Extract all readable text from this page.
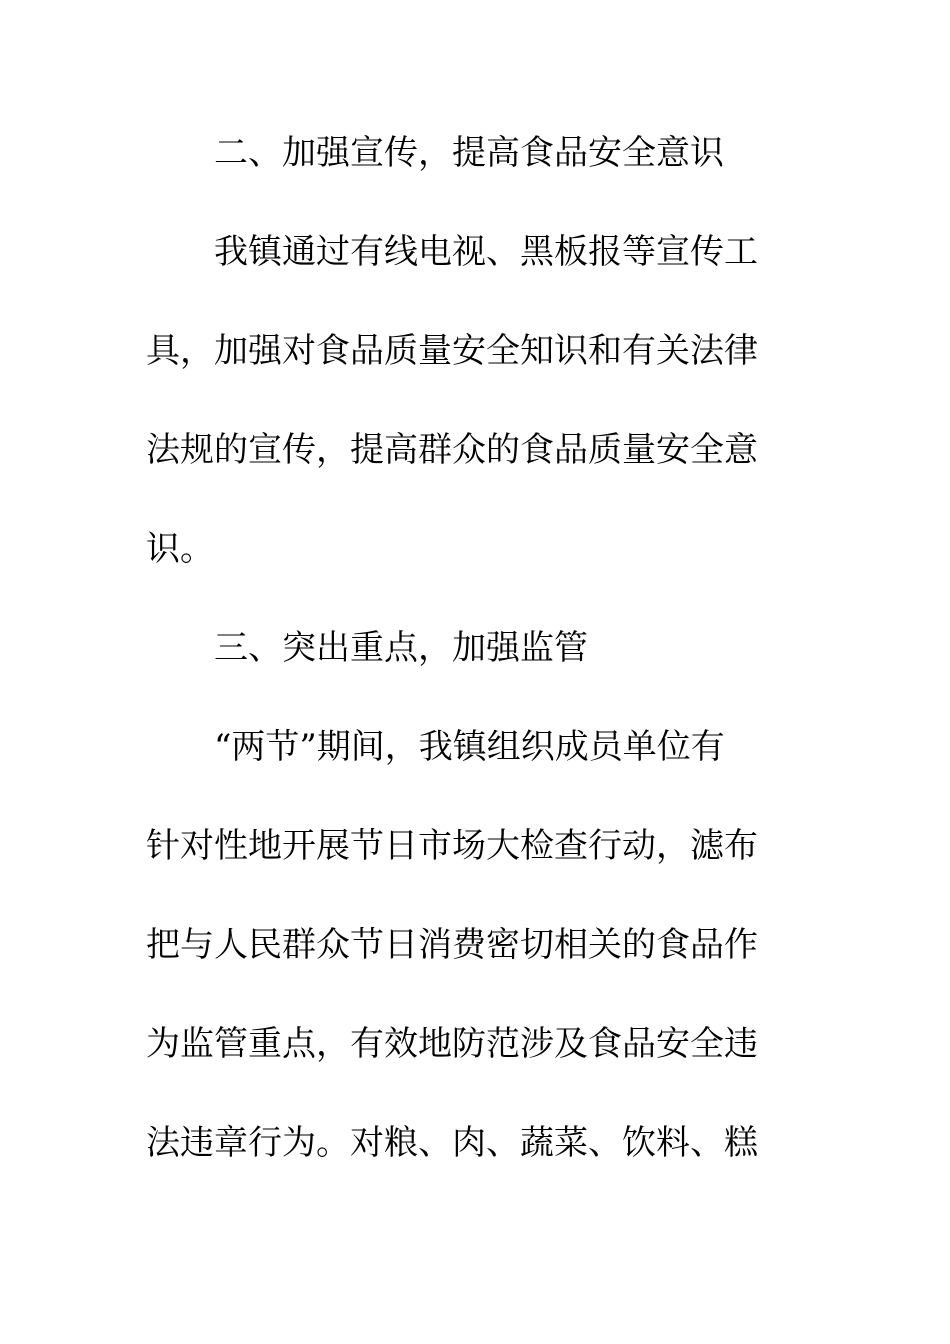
二、加强宣传，提高食品安全意识
我镇通过有线电视、黑板报等宣传工
具，加强对食品质量安全知识和有关法律
法规的宣传，提高群众的食品质量安全意
识。
三、突出重点，加强监管
“两节”期间，我镇组织成员单位有
针对性地开展节日市场大检查行动，滤布
把与人民群众节日消费密切相关的食品作
为监管重点，有效地防范涉及食品安全违
法违章行为。对粮、肉、蔬菜、饮料、糕
